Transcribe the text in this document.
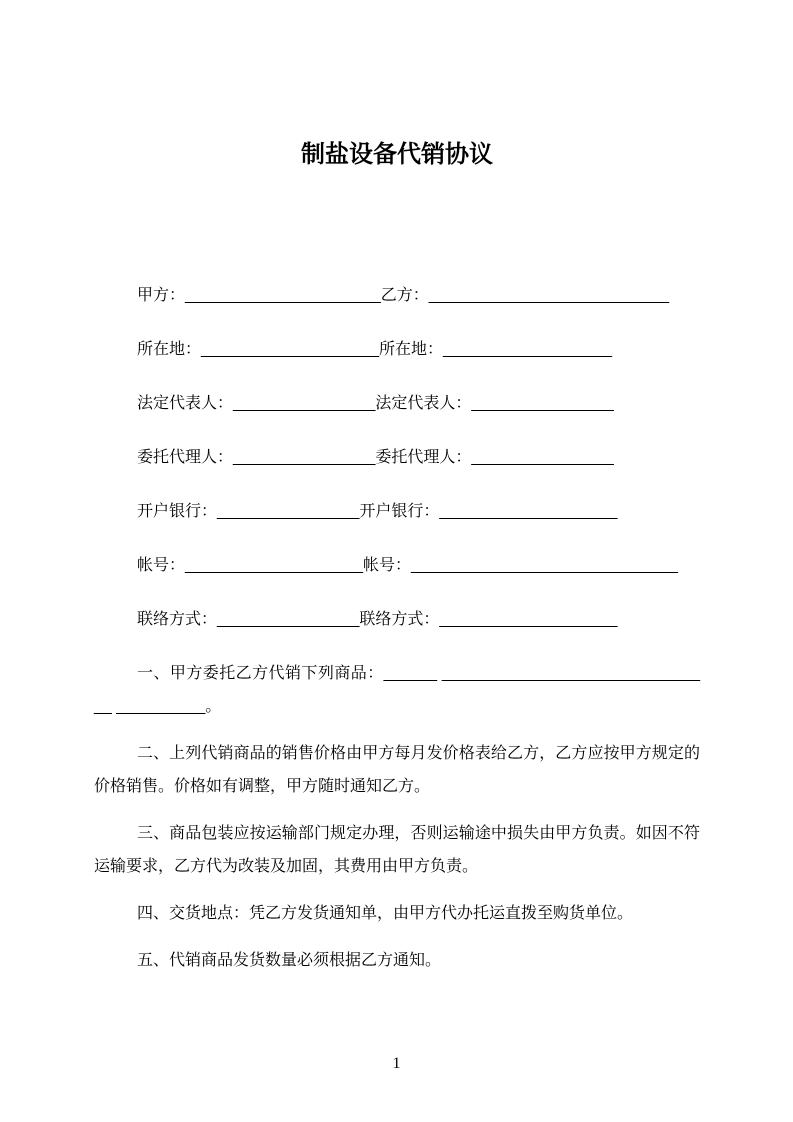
制盐设备代销协议

甲方：______________________乙方：___________________________

所在地：____________________所在地：___________________

法定代表人：________________法定代表人：________________

委托代理人：________________委托代理人：________________

开户银行：________________开户银行：____________________

帐号：____________________帐号：______________________________

联络方式：________________联络方式：____________________

一、甲方委托乙方代销下列商品：______ _______________________________ __________。

二、上列代销商品的销售价格由甲方每月发价格表给乙方，乙方应按甲方规定的价格销售。价格如有调整，甲方随时通知乙方。

三、商品包装应按运输部门规定办理，否则运输途中损失由甲方负责。如因不符运输要求，乙方代为改装及加固，其费用由甲方负责。

四、交货地点：凭乙方发货通知单，由甲方代办托运直拨至购货单位。

五、代销商品发货数量必须根据乙方通知。

1
